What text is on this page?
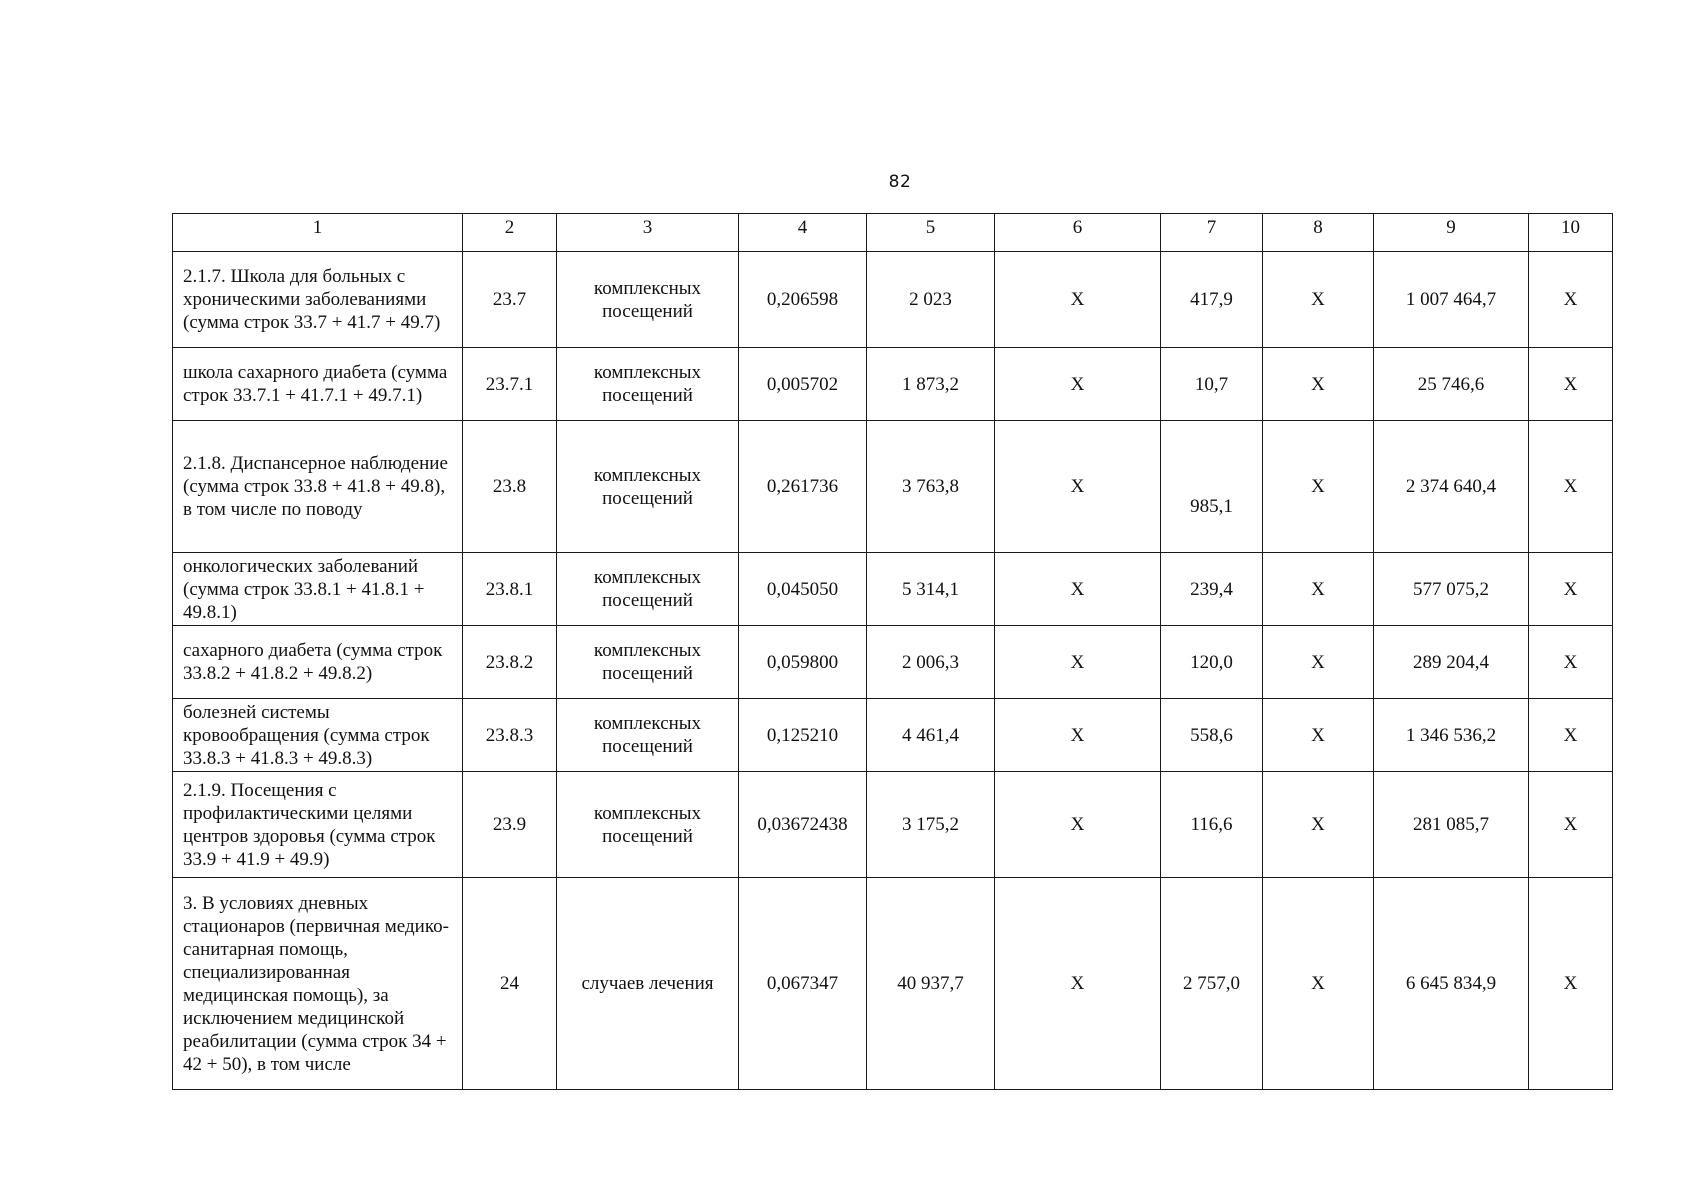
82
1	2	3	4	5	6	7	8	9	10
2.1.7. Школа для больных с хроническими заболеваниями (сумма строк 33.7 + 41.7 + 49.7)	23.7	комплексных посещений	0,206598	2 023	Х	417,9	Х	1 007 464,7	Х
школа сахарного диабета (сумма строк 33.7.1 + 41.7.1 + 49.7.1)	23.7.1	комплексных посещений	0,005702	1 873,2	Х	10,7	Х	25 746,6	Х
2.1.8. Диспансерное наблюдение (сумма строк 33.8 + 41.8 + 49.8), в том числе по поводу	23.8	комплексных посещений	0,261736	3 763,8	Х	985,1	Х	2 374 640,4	Х
онкологических заболеваний (сумма строк 33.8.1 + 41.8.1 + 49.8.1)	23.8.1	комплексных посещений	0,045050	5 314,1	Х	239,4	Х	577 075,2	Х
сахарного диабета (сумма строк 33.8.2 + 41.8.2 + 49.8.2)	23.8.2	комплексных посещений	0,059800	2 006,3	Х	120,0	Х	289 204,4	Х
болезней системы кровообращения (сумма строк 33.8.3 + 41.8.3 + 49.8.3)	23.8.3	комплексных посещений	0,125210	4 461,4	Х	558,6	Х	1 346 536,2	Х
2.1.9. Посещения с профилактическими целями центров здоровья (сумма строк 33.9 + 41.9 + 49.9)	23.9	комплексных посещений	0,03672438	3 175,2	Х	116,6	Х	281 085,7	Х
3. В условиях дневных стационаров (первичная медико-санитарная помощь, специализированная медицинская помощь), за исключением медицинской реабилитации (сумма строк 34 + 42 + 50), в том числе	24	случаев лечения	0,067347	40 937,7	Х	2 757,0	Х	6 645 834,9	Х
